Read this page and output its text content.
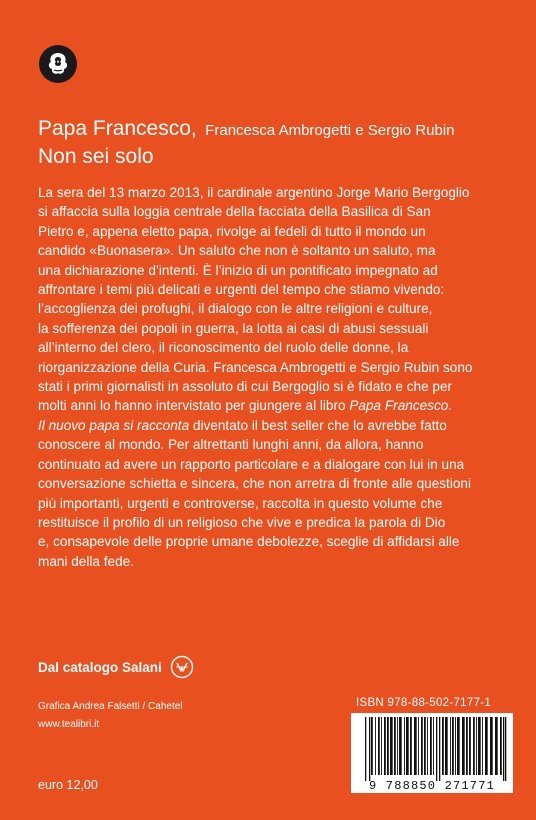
Papa Francesco, Francesca Ambrogetti e Sergio Rubin
Non sei solo

La sera del 13 marzo 2013, il cardinale argentino Jorge Mario Bergoglio
si affaccia sulla loggia centrale della facciata della Basilica di San
Pietro e, appena eletto papa, rivolge ai fedeli di tutto il mondo un
candido «Buonasera». Un saluto che non è soltanto un saluto, ma
una dichiarazione d’intenti. È l’inizio di un pontificato impegnato ad
affrontare i temi più delicati e urgenti del tempo che stiamo vivendo:
l’accoglienza dei profughi, il dialogo con le altre religioni e culture,
la sofferenza dei popoli in guerra, la lotta ai casi di abusi sessuali
all’interno del clero, il riconoscimento del ruolo delle donne, la
riorganizzazione della Curia. Francesca Ambrogetti e Sergio Rubin sono
stati i primi giornalisti in assoluto di cui Bergoglio si è fidato e che per
molti anni lo hanno intervistato per giungere al libro Papa Francesco.
Il nuovo papa si racconta diventato il best seller che lo avrebbe fatto
conoscere al mondo. Per altrettanti lunghi anni, da allora, hanno
continuato ad avere un rapporto particolare e a dialogare con lui in una
conversazione schietta e sincera, che non arretra di fronte alle questioni
più importanti, urgenti e controverse, raccolta in questo volume che
restituisce il profilo di un religioso che vive e predica la parola di Dio
e, consapevole delle proprie umane debolezze, sceglie di affidarsi alle
mani della fede.

Dal catalogo Salani
Grafica Andrea Falsetti / Cahetel
www.tealibri.it
euro 12,00
ISBN 978-88-502-7177-1
9 788850 271771
